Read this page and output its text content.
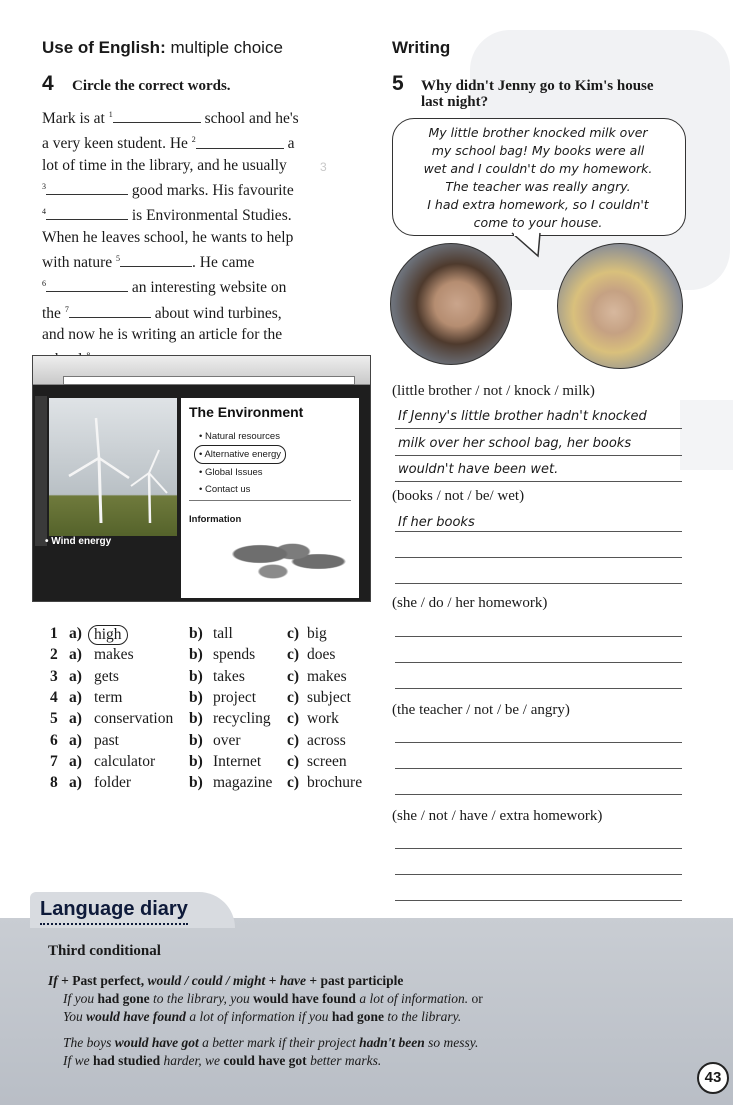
Use of English: multiple choice
4 Circle the correct words.
Mark is at $^1$	school and he's
a very keen student. He $^2$	a
lot of time in the library, and he usually
$^3$	good marks. His favourite
$^4$	is Environmental Studies.
When he leaves school, he wants to help
with nature $^5$	. He came
$^6$	an interesting website on
the $^7$	about wind turbines,
and now he is writing an article for the
• Wind energy
The Environment
• Natural resources
• Alternative energy

• Global Issues
• Contact us
Information
1 a) high	b) tall	c) big
2 a) makes	b) spends c) does
3 a) gets	b) takes	c) makes
4 a) term	b) project c) subject
5 a) conservation b) recycling c) work
6 a) past	b) over	c) across
7 a) calculator b) Internet c) screen
8 a) folder	b) magazine c) brochure
3
Writing
5 Why didn't Jenny go to Kim's house
last night?
My little brother knocked milk over
my school bag! My books were all
wet and I couldn't do my homework.
The teacher was really angry.
I had extra homework, so I couldn't
come to your house.
(little brother / not / knock / milk)
If Jenny's little brother hadn't knocked
milk over her school bag, her books
wouldn't have been wet.
(books / not / be/ wet)
If her books
(she / do / her homework)
(the teacher / not / be / angry)
(she / not / have / extra homework)
Language diary
Third conditional
If + Past perfect, would / could / might + have + past participle
If you had gone to the library, you would have found a lot of information. or
You would have found a lot of information if you had gone to the library.
The boys would have got a better mark if their project hadn't been so messy.
If we had studied harder, we could have got better marks.
43
